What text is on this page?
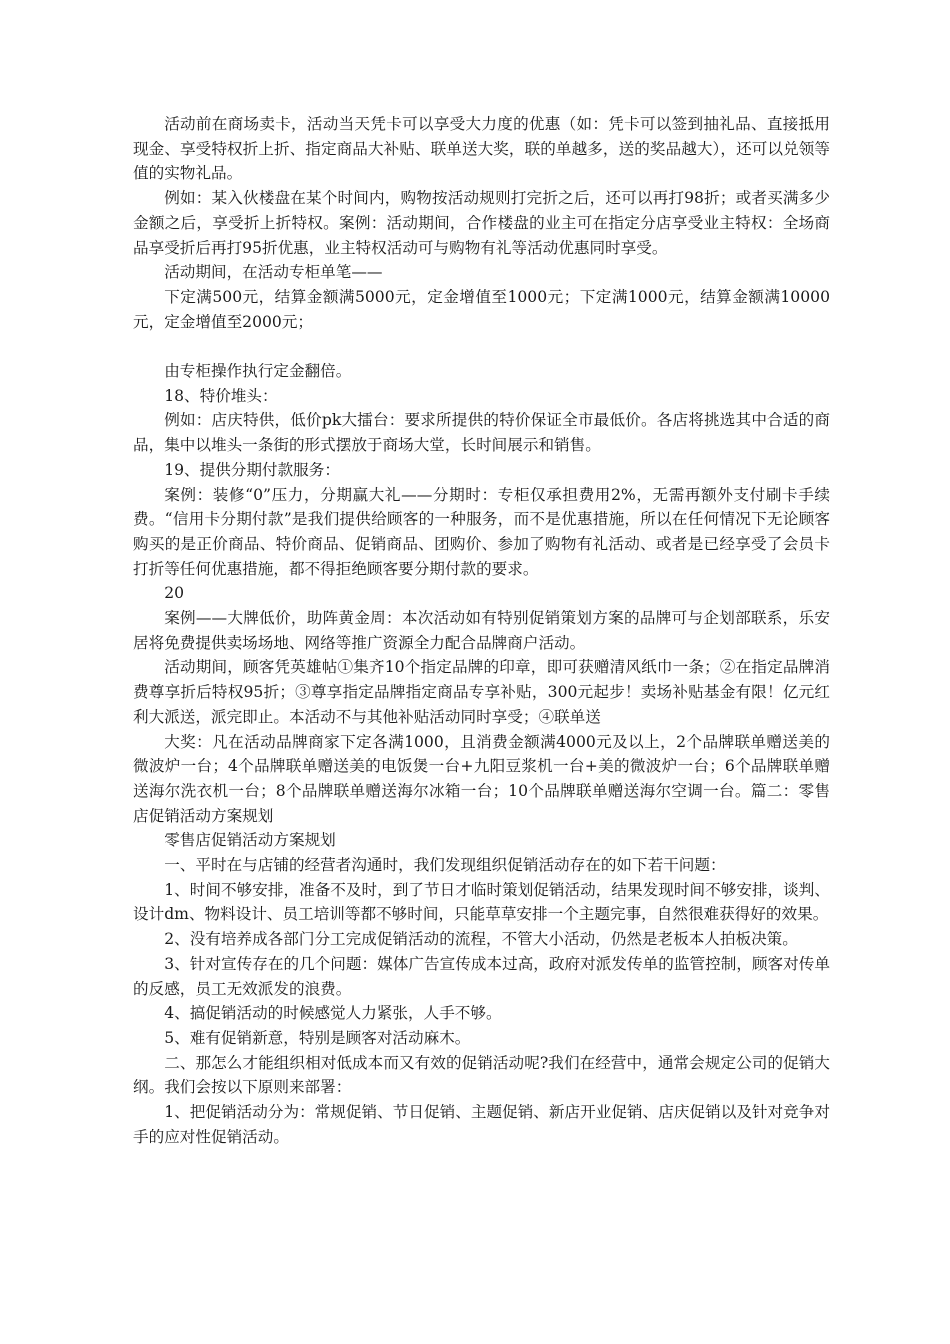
活动前在商场卖卡，活动当天凭卡可以享受大力度的优惠（如：凭卡可以签到抽礼品、直接抵用现金、享受特权折上折、指定商品大补贴、联单送大奖，联的单越多，送的奖品越大），还可以兑领等值的实物礼品。

例如：某入伙楼盘在某个时间内，购物按活动规则打完折之后，还可以再打98折；或者买满多少金额之后，享受折上折特权。案例：活动期间，合作楼盘的业主可在指定分店享受业主特权：全场商品享受折后再打95折优惠，业主特权活动可与购物有礼等活动优惠同时享受。

活动期间，在活动专柜单笔——

下定满500元，结算金额满5000元，定金增值至1000元；下定满1000元，结算金额满10000元，定金增值至2000元；

由专柜操作执行定金翻倍。

18、特价堆头：

例如：店庆特供，低价pk大擂台：要求所提供的特价保证全市最低价。各店将挑选其中合适的商品，集中以堆头一条街的形式摆放于商场大堂，长时间展示和销售。

19、提供分期付款服务：

案例：装修“0”压力，分期赢大礼——分期时：专柜仅承担费用2%，无需再额外支付刷卡手续费。“信用卡分期付款”是我们提供给顾客的一种服务，而不是优惠措施，所以在任何情况下无论顾客购买的是正价商品、特价商品、促销商品、团购价、参加了购物有礼活动、或者是已经享受了会员卡打折等任何优惠措施，都不得拒绝顾客要分期付款的要求。

20

案例——大牌低价，助阵黄金周：本次活动如有特别促销策划方案的品牌可与企划部联系，乐安居将免费提供卖场场地、网络等推广资源全力配合品牌商户活动。

活动期间，顾客凭英雄帖①集齐10个指定品牌的印章，即可获赠清风纸巾一条；②在指定品牌消费尊享折后特权95折；③尊享指定品牌指定商品专享补贴，300元起步！卖场补贴基金有限！亿元红利大派送，派完即止。本活动不与其他补贴活动同时享受；④联单送

大奖：凡在活动品牌商家下定各满1000，且消费金额满4000元及以上，2个品牌联单赠送美的微波炉一台；4个品牌联单赠送美的电饭煲一台+九阳豆浆机一台+美的微波炉一台；6个品牌联单赠送海尔洗衣机一台；8个品牌联单赠送海尔冰箱一台；10个品牌联单赠送海尔空调一台。篇二：零售店促销活动方案规划

零售店促销活动方案规划

一、平时在与店铺的经营者沟通时，我们发现组织促销活动存在的如下若干问题：

1、时间不够安排，准备不及时，到了节日才临时策划促销活动，结果发现时间不够安排，谈判、设计dm、物料设计、员工培训等都不够时间，只能草草安排一个主题完事，自然很难获得好的效果。

2、没有培养成各部门分工完成促销活动的流程，不管大小活动，仍然是老板本人拍板决策。

3、针对宣传存在的几个问题：媒体广告宣传成本过高，政府对派发传单的监管控制，顾客对传单的反感，员工无效派发的浪费。

4、搞促销活动的时候感觉人力紧张，人手不够。

5、难有促销新意，特别是顾客对活动麻木。

二、那怎么才能组织相对低成本而又有效的促销活动呢?我们在经营中，通常会规定公司的促销大纲。我们会按以下原则来部署：

1、把促销活动分为：常规促销、节日促销、主题促销、新店开业促销、店庆促销以及针对竞争对手的应对性促销活动。
